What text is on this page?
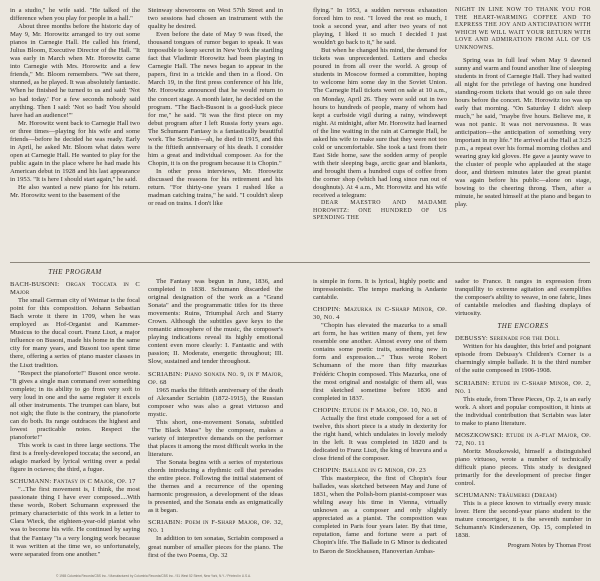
in a studio," he wife said. "He talked of the difference when you play for people in a hall."

About three months before the historic day of May 9, Mr. Horowitz arranged to try out some pianos in Carnegie Hall. He called his friend, Julius Bloom, Executive Director of the Hall. "It was early in March when Mr. Horowitz came into Carnegie with Mrs. Horowitz and a few friends," Mr. Bloom remembers. "We sat there, stunned, as he played. It was absolutely fantastic. When he finished he turned to us and said: 'Not so bad today.' For a few seconds nobody said anything. Then I said: 'Not so bad! You should have had an audience!'"

Mr. Horowitz went back to Carnegie Hall two or three times—playing for his wife and some friends—before he decided he was ready. Early in April, he asked Mr. Bloom what dates were open at Carnegie Hall. He wanted to play for the public again in the place where he had made his American debut in 1928 and his last appearance in 1953. "It is here I should start again," he said.

He also wanted a new piano for his return. Mr. Horowitz went to the basement of the

Steinway showrooms on West 57th Street and in two sessions had chosen an instrument with the quality he desired.

Even before the date of May 9 was fixed, the thousand tongues of rumor began to speak. It was impossible to keep secret in New York the startling fact that Vladimir Horowitz had been playing in Carnegie Hall. The news began to appear in the papers, first in a trickle and then in a flood. On March 19, in the first press conference of his life, Mr. Horowitz announced that he would return to the concert stage. A month later, he decided on the program. "The Bach-Busoni is a good-luck piece for me," he said. "It was the first piece on my debut program after I left Russia forty years ago. The Schumann Fantasy is a fantastically beautiful work. The Scriabin—ah, he died in 1915, and this is the fiftieth anniversary of his death. I consider him a great and individual composer. As for the Chopin, it is on the program because it is Chopin."

In other press interviews, Mr. Horowitz discussed the reasons for his retirement and his return. "For thirty-one years I rushed like a madman catching trains," he said. "I couldn't sleep or read on trains. I don't like

flying." In 1953, a sudden nervous exhaustion forced him to rest. "I loved the rest so much, I took a second year, and after two years of not playing, I liked it so much I decided I just wouldn't go back to it," he said.

But when he changed his mind, the demand for tickets was unprecedented. Letters and checks poured in from all over the world. A group of students in Moscow formed a committee, hoping to welcome him some day in the Soviet Union. The Carnegie Hall tickets went on sale at 10 a.m., on Monday, April 26. They were sold out in two hours to hundreds of people, many of whom had kept a curbside vigil during a rainy, windswept night. At midnight, after Mr. Horowitz had learned of the line waiting in the rain at Carnegie Hall, he asked his wife to make sure that they were not too cold or uncomfortable. She took a taxi from their East Side home, saw the sodden army of people with their sleeping bags, arctic gear and blankets, and brought them a hundred cups of coffee from the corner shop (which had long since run out of doughnuts). At 4 a.m., Mr. Horowitz and his wife received a telegram:

DEAR MAESTRO AND MADAME HOROWITZ: ONE HUNDRED OF US SPENDING THE

NIGHT IN LINE NOW TO THANK YOU FOR THE HEART-WARMING COFFEE AND TO EXPRESS THE JOY AND ANTICIPATION WITH WHICH WE WILL WAIT YOUR RETURN WITH LOVE AND ADMIRATION FROM ALL OF US UNKNOWNS.

Spring was in full leaf when May 9 dawned sunny and warm and found another line of sleeping students in front of Carnegie Hall. They had waited all night for the privilege of having one hundred standing-room tickets that would go on sale three hours before the concert. Mr. Horowitz too was up early that morning. "On Saturday I didn't sleep much," he said, "maybe five hours. Believe me, it was not panic. It was not nervousness. It was anticipation—the anticipation of something very important in my life." He arrived at the Hall at 3:25 p.m., a repeat over his formal morning clothes and wearing gray kid gloves. He gave a jaunty wave to the cluster of people who applauded at the stage door, and thirteen minutes later the great pianist was again before his public—alone on stage, bowing to the cheering throng. Then, after a minute, he seated himself at the piano and began to play.

THE PROGRAM

BACH-BUSONI: Organ Toccata in C Major

The small German city of Weimar is the focal point for this composition. Johann Sebastian Bach wrote it there in 1709, when he was employed as Hof-Organist and Kammer-Musicus to the ducal court. Franz Liszt, a major influence on Busoni, made his home in the same city for many years, and Busoni too spent time there, offering a series of piano master classes in the Liszt tradition.

"Respect the pianoforte!" Busoni once wrote. "It gives a single man command over something complete; in its ability to go from very soft to very loud in one and the same register it excels all other instruments. The trumpet can blare, but not sigh; the flute is the contrary, the pianoforte can do both. Its range outdraces the highest and lowest practicable notes. Respect the pianoforte!"

This work is cast in three large sections. The first is a freely-developed toccata; the second, an adagio marked by lyrical writing over a pedal figure in octaves; the third, a fugue.

SCHUMANN: Fantasy in C Major, Op. 17

"...The first movement is, I think, the most passionate thing I have ever composed....With these words, Robert Schumann expressed the primary characteristic of this work in a letter to Clara Wieck, the eighteen-year-old pianist who was to become his wife. He continued by saying that the Fantasy "is a very longing work because it was written at the time we, so unfortunately, were separated from one another."

The Fantasy was begun in June, 1836, and completed in 1838. Schumann discarded the original designation of the work as a "Grand Sonata" and the programmatic titles for its three movements: Ruins, Triumphal Arch and Starry Crown. Although the subtitles gave keys to the romantic atmosphere of the music, the composer's playing indications reveal its highly emotional content even more clearly: I. Fantastic and with passion; II. Moderate, energetic throughout; III. Slow, sustained and tender throughout.

SCRIABIN: Piano Sonata No. 9, in F Major, Op. 68

1965 marks the fiftieth anniversary of the death of Alexander Scriabin (1872-1915), the Russian composer who was also a great virtuoso and mystic.

This short, one-movement Sonata, subtitled "The Black Mass" by the composer, makes a variety of interpretive demands on the performer that places it among the most difficult works in the literature.

The Sonata begins with a series of mysterious chords introducing a rhythmic cell that pervades the entire piece. Following the initial statement of the themes and a recurrence of the opening harmonic progression, a development of the ideas is presented, and the Sonata ends as enigmatically as it began.

SCRIABIN: Poem in F-Sharp Major, Op. 32, No. 1

In addition to ten sonatas, Scriabin composed a great number of smaller pieces for the piano. The first of the two Poems, Op. 32

is simple in form. It is lyrical, highly poetic and impressionistic. The tempo marking is Andante cantabile.

CHOPIN: Mazurka in C-Sharp Minor, Op. 30, No. 4

"Chopin has elevated the mazurka to a small art form, he has written many of them, yet few resemble one another. Almost every one of them contains some poetic traits, something new in form and expression...." Thus wrote Robert Schumann of the more than fifty mazurkas Frédéric Chopin composed. This Mazurka, one of the most original and nostalgic of them all, was first sketched sometime before 1836 and completed in 1837.

CHOPIN: Etude in F Major, Op. 10, No. 8

Actually the first etude composed for a set of twelve, this short piece is a study in dexterity for the right hand, which undulates in lovely melody in the left. It was completed in 1820 and is dedicated to Franz Liszt, the king of bravura and a close friend of the composer.

CHOPIN: Ballade in G Minor, Op. 23

This masterpiece, the first of Chopin's four ballades, was sketched between May and June of 1831, when the Polish-born pianist-composer was whiling away his time in Vienna, virtually unknown as a composer and only slightly appreciated as a pianist. The composition was completed in Paris four years later. By that time, reputation, fame and fortune were a part of Chopin's life. The Ballade in G Minor is dedicated to Baron de Stockhausen, Hanoverian Ambas-

sador to France. It ranges in expression from tranquillity to extreme agitation and exemplifies the composer's ability to weave, in one fabric, lines of cantabile melodies and flashing displays of virtuosity.

THE ENCORES

DEBUSSY: Serenade for the Doll

Written for his daughter, this brief and poignant episode from Debussy's Children's Corner is a charmingly simple ballade. It is the third number of the suite composed in 1906-1908.

SCRIABIN: Etude in C-Sharp Minor, Op. 2, No. 1

This etude, from Three Pieces, Op. 2, is an early work. A short and popular composition, it hints at the individual contribution that Scriabin was later to make to piano literature.

MOSZKOWSKI: Etude in A-Flat Major, Op. 72, No. 11

Moritz Moszkowski, himself a distinguished piano virtuoso, wrote a number of technically difficult piano pieces. This study is designed primarily for the development of precise finger control.

SCHUMANN: Träumerei (Dream)

This is a piece known to virtually every music lover. Here the second-year piano student to the mature concertgoer, it is the seventh number in Schumann's Kinderszenen, Op. 15, completed in 1838.

Program Notes by Thomas Frost
© 1965 Columbia Records/CBS Inc. / Manufactured by Columbia Records/CBS Inc. / 51 West 52 Street, New York, N.Y. / Printed in U.S.A.
